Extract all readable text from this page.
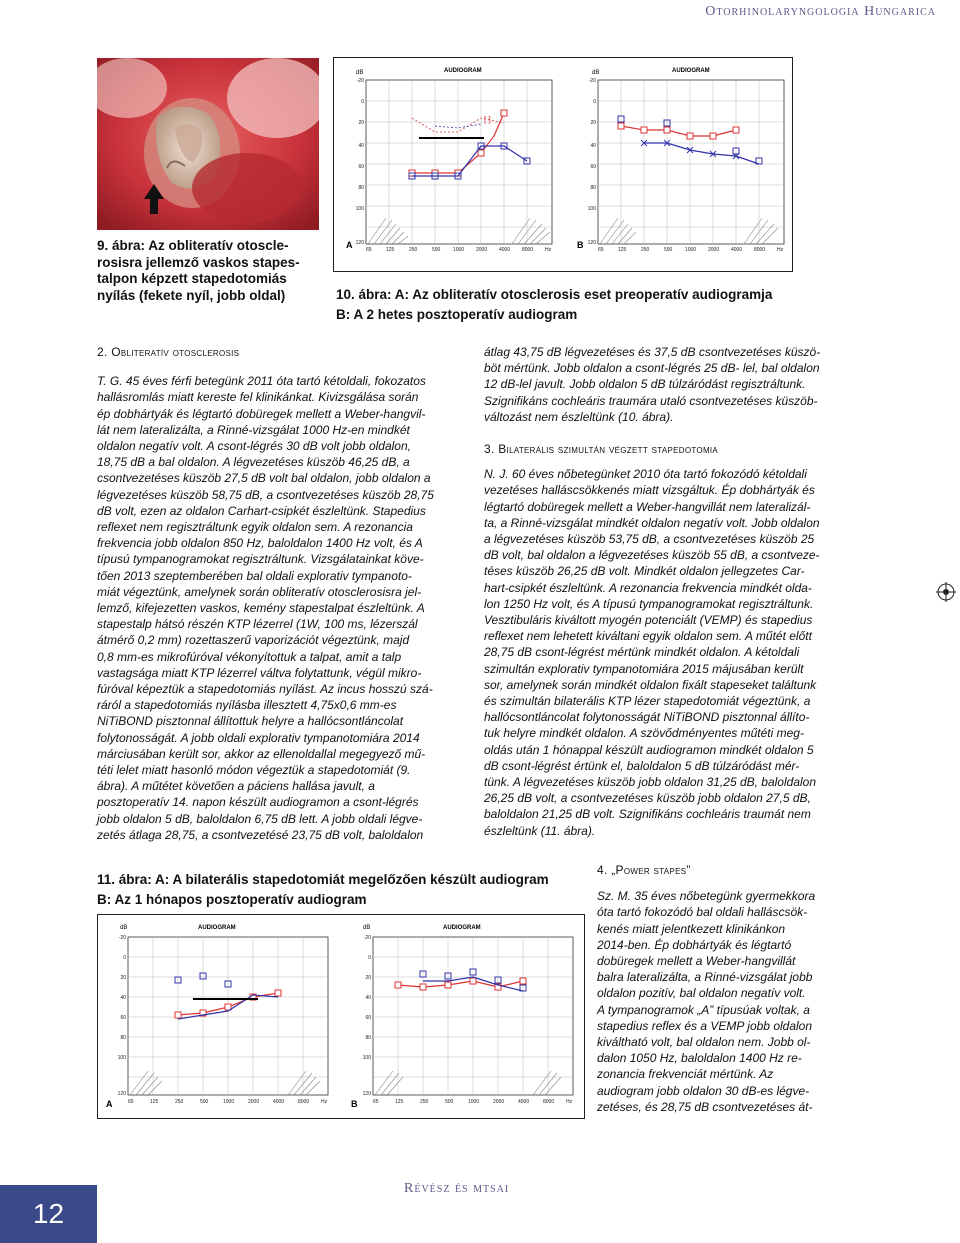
Otorhinolaryngologia Hungarica
9. ábra: Az obliteratív otoscle-
rosisra jellemző vaskos stapes-
talpon képzett stapedotomiás
nyílás (fekete nyíl, jobb oldal)
dB	AUDIOGRAM
-20
0
20
40
60
80
100
120
65	125	250	500	1000 2000 4000 8000 Hz
A
[ ]
dB	AUDIOGRAM
-20
0
20
40
60
80
100
120
65	125	250	500	1000 2000 4000 8000 Hz
B
10. ábra: A: Az obliteratív otosclerosis eset preoperatív audiogramja
B: A 2 hetes posztoperatív audiogram
2. Obliteratív otosclerosis
T. G. 45 éves férfi betegünk 2011 óta tartó kétoldali, fokozatos
hallásromlás miatt kereste fel klinikánkat. Kivizsgálása során
ép dobhártyák és légtartó dobüregek mellett a Weber-hangvil-
lát nem lateralizálta, a Rinné-vizsgálat 1000 Hz-en mindkét
oldalon negatív volt. A csont-légrés 30 dB volt jobb oldalon,
18,75 dB a bal oldalon. A légvezetéses küszöb 46,25 dB, a
csontvezetéses küszöb 27,5 dB volt bal oldalon, jobb oldalon a
légvezetéses küszöb 58,75 dB, a csontvezetéses küszöb 28,75
dB volt, ezen az oldalon Carhart-csipkét észleltünk. Stapedius
reflexet nem regisztráltunk egyik oldalon sem. A rezonancia
frekvencia jobb oldalon 850 Hz, baloldalon 1400 Hz volt, és A
típusú tympanogramokat regisztráltunk. Vizsgálatainkat köve-
tően 2013 szeptemberében bal oldali explorativ tympanoto-
miát végeztünk, amelynek során obliteratív otosclerosisra jel-
lemző, kifejezetten vaskos, kemény stapestalpat észleltünk. A
stapestalp hátsó részén KTP lézerrel (1W, 100 ms, lézerszál
átmérő 0,2 mm) rozettaszerű vaporizációt végeztünk, majd
0,8 mm-es mikrofúróval vékonyítottuk a talpat, amit a talp
vastagsága miatt KTP lézerrel váltva folytattunk, végül mikro-
fúróval képeztük a stapedotomiás nyílást. Az incus hosszú szá-
ráról a stapedotomiás nyílásba illesztett 4,75x0,6 mm-es
NiTiBOND pisztonnal állítottuk helyre a hallócsontláncolat
folytonosságát. A jobb oldali explorativ tympanotomiára 2014
márciusában került sor, akkor az ellenoldallal megegyező mű-
téti lelet miatt hasonló módon végeztük a stapedotomiát (9.
ábra). A műtétet követően a páciens hallása javult, a
posztoperatív 14. napon készült audiogramon a csont-légrés
jobb oldalon 5 dB, baloldalon 6,75 dB lett. A jobb oldali légve-
zetés átlaga 28,75, a csontvezetésé 23,75 dB volt, baloldalon
átlag 43,75 dB légvezetéses és 37,5 dB csontvezetéses küszö-
böt mértünk. Jobb oldalon a csont-légrés 25 dB- lel, bal oldalon
12 dB-lel javult. Jobb oldalon 5 dB túlzáródást regisztráltunk.
Szignifikáns cochleáris traumára utaló csontvezetéses küszöb-
változást nem észleltünk (10. ábra).
3. Bilaterális szimultán végzett stapedotomia
N. J. 60 éves nőbetegünket 2010 óta tartó fokozódó kétoldali
vezetéses halláscsökkenés miatt vizsgáltuk. Ép dobhártyák és
légtartó dobüregek mellett a Weber-hangvillát nem lateralizál-
ta, a Rinné-vizsgálat mindkét oldalon negatív volt. Jobb oldalon
a légvezetéses küszöb 53,75 dB, a csontvezetéses küszöb 25
dB volt, bal oldalon a légvezetéses küszöb 55 dB, a csontveze-
téses küszöb 26,25 dB volt. Mindkét oldalon jellegzetes Car-
hart-csipkét észleltünk. A rezonancia frekvencia mindkét olda-
lon 1250 Hz volt, és A típusú tympanogramokat regisztráltunk.
Vesztibuláris kiváltott myogén potenciált (VEMP) és stapedius
reflexet nem lehetett kiváltani egyik oldalon sem. A műtét előtt
28,75 dB csont-légrést mértünk mindkét oldalon. A kétoldali
szimultán explorativ tympanotomiára 2015 májusában került
sor, amelynek során mindkét oldalon fixált stapeseket találtunk
és szimultán bilaterális KTP lézer stapedotomiát végeztünk, a
hallócsontláncolat folytonosságát NiTiBOND pisztonnal állíto-
tuk helyre mindkét oldalon. A szövődményentes műtéti meg-
oldás után 1 hónappal készült audiogramon mindkét oldalon 5
dB csont-légrést értünk el, baloldalon 5 dB túlzáródást mér-
tünk. A légvezetéses küszöb jobb oldalon 31,25 dB, baloldalon
26,25 dB volt, a csontvezetéses küszöb jobb oldalon 27,5 dB,
baloldalon 21,25 dB volt. Szignifikáns cochleáris traumát nem
észleltünk (11. ábra).
4. „Power stapes”
Sz. M. 35 éves nőbetegünk gyermekkora
óta tartó fokozódó bal oldali halláscsök-
kenés miatt jelentkezett klinikánkon
2014-ben. Ép dobhártyák és légtartó
dobüregek mellett a Weber-hangvillát
balra lateralizálta, a Rinné-vizsgálat jobb
oldalon pozitív, bal oldalon negatív volt.
A tympanogramok „A” típusúak voltak, a
stapedius reflex és a VEMP jobb oldalon
kiváltható volt, bal oldalon nem. Jobb ol-
dalon 1050 Hz, baloldalon 1400 Hz re-
zonancia frekvenciát mértünk. Az
audiogram jobb oldalon 30 dB-es légve-
zetéses, és 28,75 dB csontvezetéses át-
11. ábra: A: A bilaterális stapedotomiát megelőzően készült audiogram
B: Az 1 hónapos posztoperatív audiogram
dB	AUDIOGRAM
-20
0
20
40
60
80
100
120
65	125	250	500	1000	2000	4000	8000 Hz
A
dB	AUDIOGRAM
-20
0
20
40
60
80
100
120
65	125	250	500	1000	2000	4000	8000 Hz
B
12
Révész és mtsai
